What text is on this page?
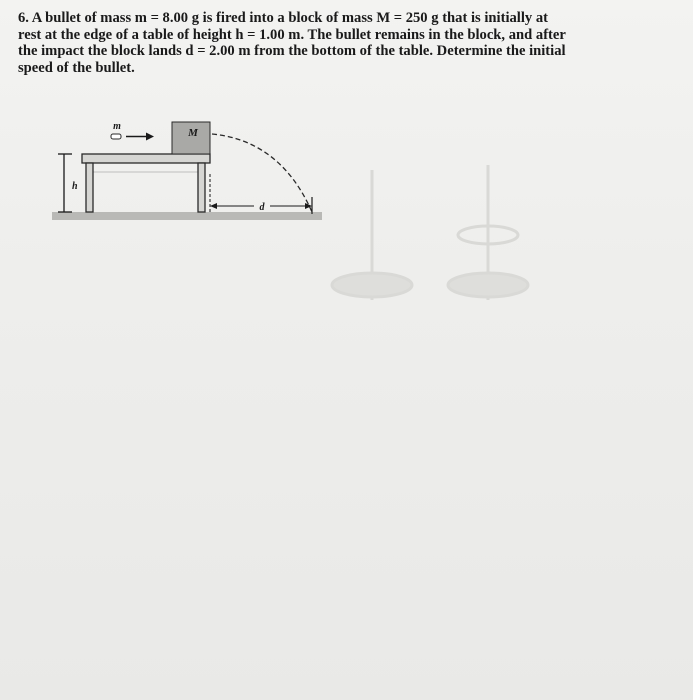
6. A bullet of mass m = 8.00 g is fired into a block of mass M = 250 g that is initially at
rest at the edge of a table of height h = 1.00 m. The bullet remains in the block, and after
the impact the block lands d = 2.00 m from the bottom of the table. Determine the initial
speed of the bullet.
M
m
h
d
